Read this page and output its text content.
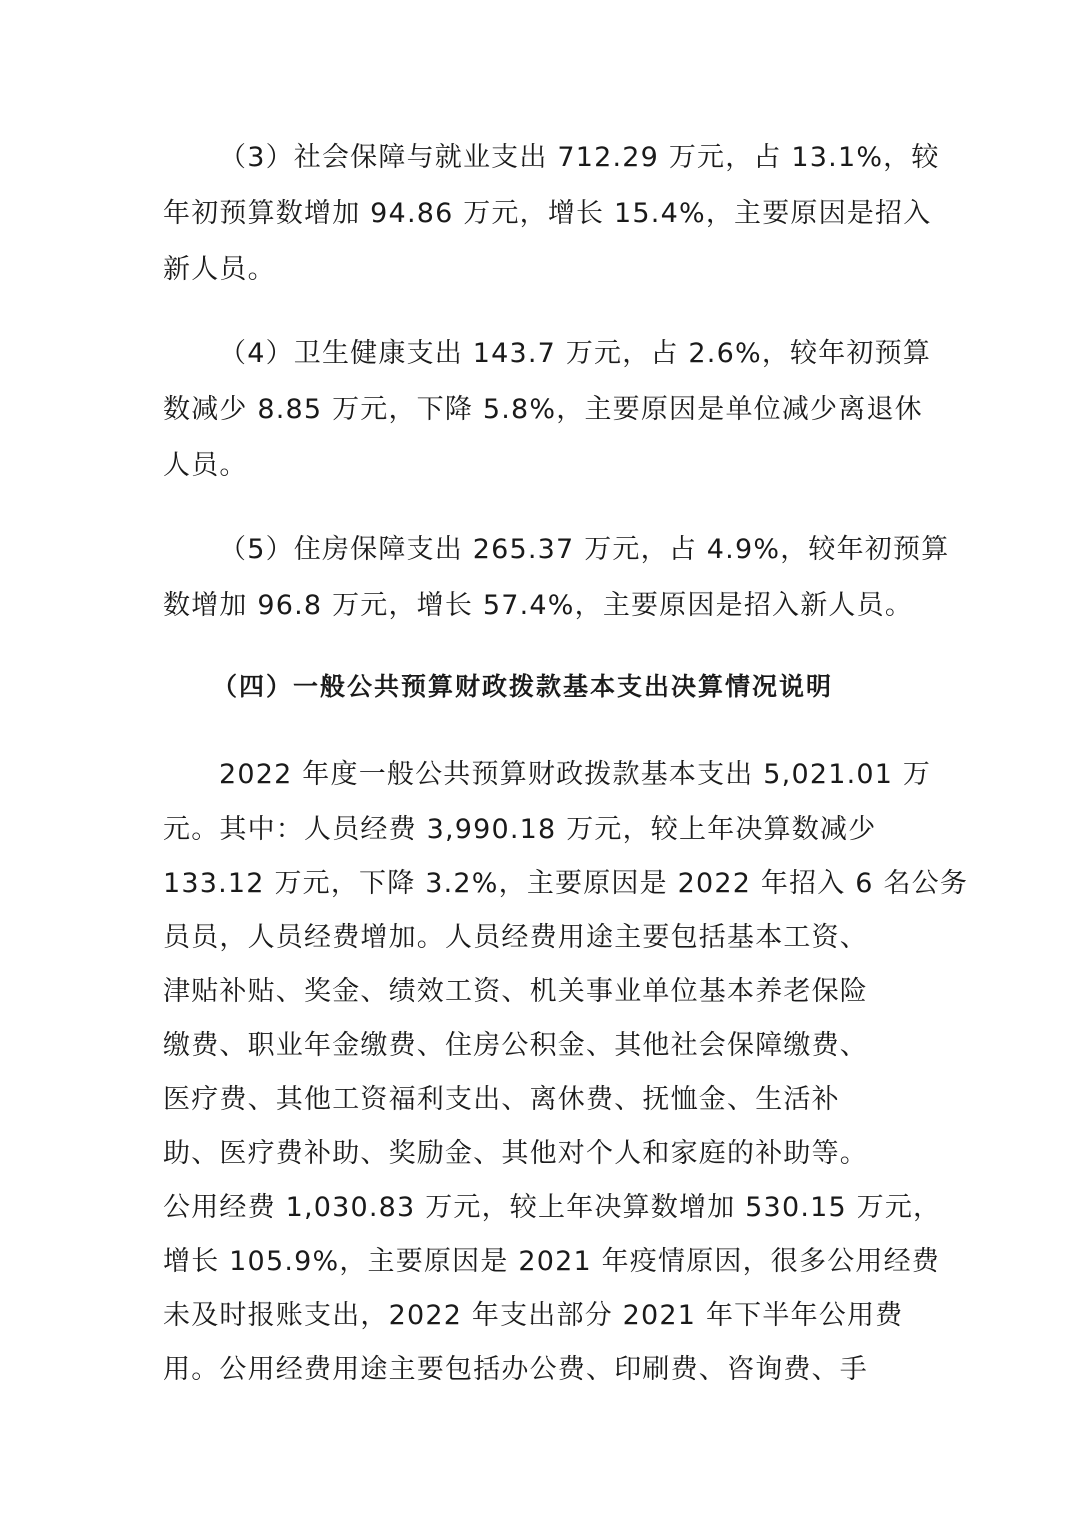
（3）社会保障与就业支出 712.29 万元，占 13.1%，较

年初预算数增加 94.86 万元，增长 15.4%，主要原因是招入

新人员。

（4）卫生健康支出 143.7 万元，占 2.6%，较年初预算

数减少 8.85 万元，下降 5.8%，主要原因是单位减少离退休

人员。

（5）住房保障支出 265.37 万元，占 4.9%，较年初预算

数增加 96.8 万元，增长 57.4%，主要原因是招入新人员。

（四）一般公共预算财政拨款基本支出决算情况说明

2022 年度一般公共预算财政拨款基本支出 5,021.01 万

元。其中：人员经费 3,990.18 万元，较上年决算数减少

133.12 万元，下降 3.2%，主要原因是 2022 年招入 6 名公务

员员，人员经费增加。人员经费用途主要包括基本工资、

津贴补贴、奖金、绩效工资、机关事业单位基本养老保险

缴费、职业年金缴费、住房公积金、其他社会保障缴费、

医疗费、其他工资福利支出、离休费、抚恤金、生活补

助、医疗费补助、奖励金、其他对个人和家庭的补助等。

公用经费 1,030.83 万元，较上年决算数增加 530.15 万元，

增长 105.9%，主要原因是 2021 年疫情原因，很多公用经费

未及时报账支出，2022 年支出部分 2021 年下半年公用费

用。公用经费用途主要包括办公费、印刷费、咨询费、手
